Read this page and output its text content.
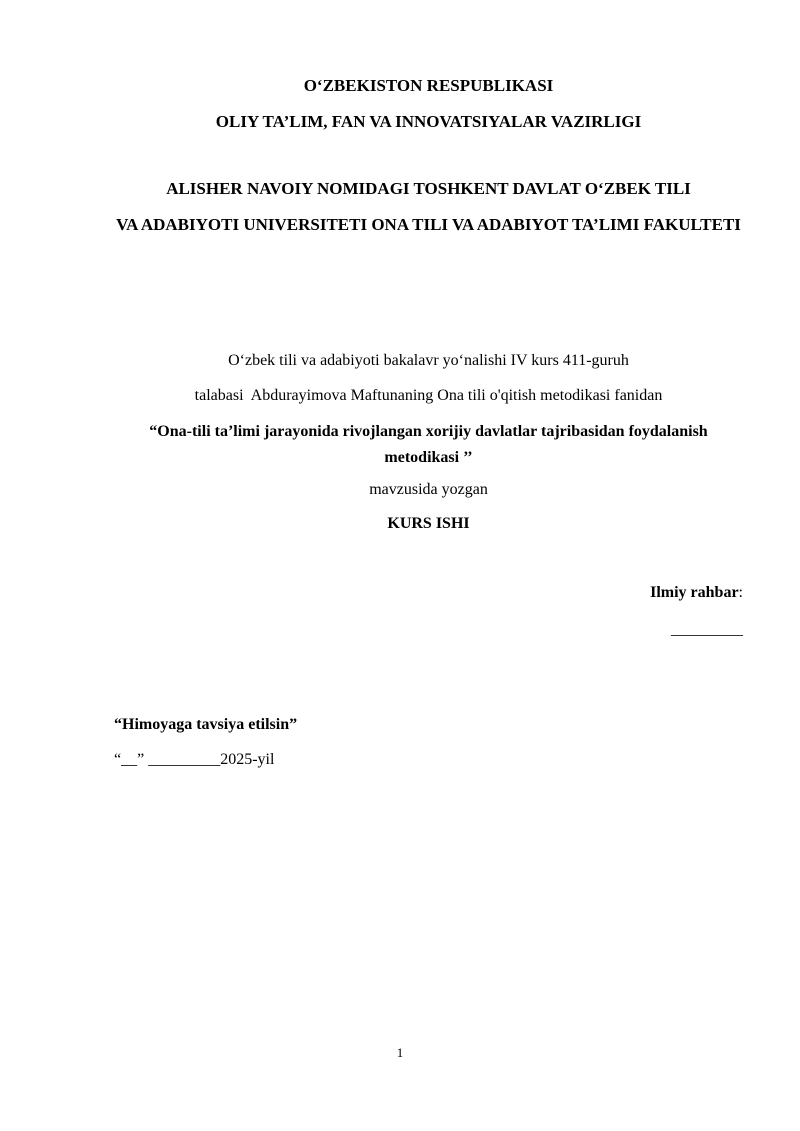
O‘ZBEKISTON RESPUBLIKASI

OLIY TA’LIM, FAN VA INNOVATSIYALAR VAZIRLIGI

ALISHER NAVOIY NOMIDAGI TOSHKENT DAVLAT O‘ZBEK TILI

VA ADABIYOTI UNIVERSITETI ONA TILI VA ADABIYOT TA’LIMI FAKULTETI

O‘zbek tili va adabiyoti bakalavr yo‘nalishi IV kurs 411-guruh

talabasi  Abdurayimova Maftunaning Ona tili o'qitish metodikasi fanidan

“Ona-tili ta’limi jarayonida rivojlangan xorijiy davlatlar tajribasidan foydalanish metodikasi ’’

mavzusida yozgan

KURS ISHI

Ilmiy rahbar:

_________

“Himoyaga tavsiya etilsin”

“__” _________2025-yil

1
